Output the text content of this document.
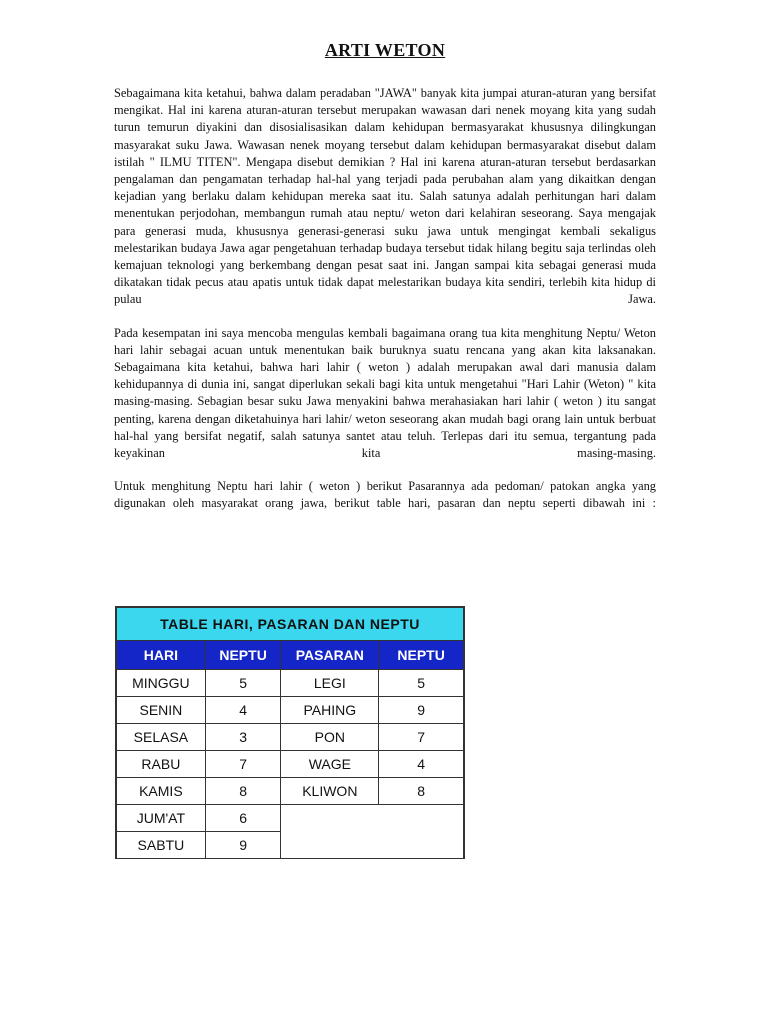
ARTI WETON

Sebagaimana kita ketahui, bahwa dalam peradaban "JAWA" banyak kita jumpai aturan-aturan yang bersifat mengikat. Hal ini karena aturan-aturan tersebut merupakan wawasan dari nenek moyang kita yang sudah turun temurun diyakini dan disosialisasikan dalam kehidupan bermasyarakat khususnya dilingkungan masyarakat suku Jawa. Wawasan nenek moyang tersebut dalam kehidupan bermasyarakat disebut dalam istilah " ILMU TITEN". Mengapa disebut demikian ? Hal ini karena aturan-aturan tersebut berdasarkan pengalaman dan pengamatan terhadap hal-hal yang terjadi pada perubahan alam yang dikaitkan dengan kejadian yang berlaku dalam kehidupan mereka saat itu. Salah satunya adalah perhitungan hari dalam menentukan perjodohan, membangun rumah atau neptu/ weton dari kelahiran seseorang. Saya mengajak para generasi muda, khususnya generasi-generasi suku jawa untuk mengingat kembali sekaligus melestarikan budaya Jawa agar pengetahuan terhadap budaya tersebut tidak hilang begitu saja terlindas oleh kemajuan teknologi yang berkembang dengan pesat saat ini. Jangan sampai kita sebagai generasi muda dikatakan tidak pecus atau apatis untuk tidak dapat melestarikan budaya kita sendiri, terlebih kita hidup di pulau Jawa.

Pada kesempatan ini saya mencoba mengulas kembali bagaimana orang tua kita menghitung Neptu/ Weton hari lahir sebagai acuan untuk menentukan baik buruknya suatu rencana yang akan kita laksanakan. Sebagaimana kita ketahui, bahwa hari lahir ( weton ) adalah merupakan awal dari manusia dalam kehidupannya di dunia ini, sangat diperlukan sekali bagi kita untuk mengetahui "Hari Lahir (Weton) " kita masing-masing. Sebagian besar suku Jawa menyakini bahwa merahasiakan hari lahir ( weton ) itu sangat penting, karena dengan diketahuinya hari lahir/ weton seseorang akan mudah bagi orang lain untuk berbuat hal-hal yang bersifat negatif, salah satunya santet atau teluh. Terlepas dari itu semua, tergantung pada keyakinan kita masing-masing.

Untuk menghitung Neptu hari lahir ( weton ) berikut Pasarannya ada pedoman/ patokan angka yang digunakan oleh masyarakat orang jawa, berikut table hari, pasaran dan neptu seperti dibawah ini :

TABLE HARI, PASARAN DAN NEPTU			
HARI	NEPTU	PASARAN	NEPTU
MINGGU	5	LEGI	5
SENIN	4	PAHING	9
SELASA	3	PON	7
RABU	7	WAGE	4
KAMIS	8	KLIWON	8
JUM'AT	6		
SABTU	9		
